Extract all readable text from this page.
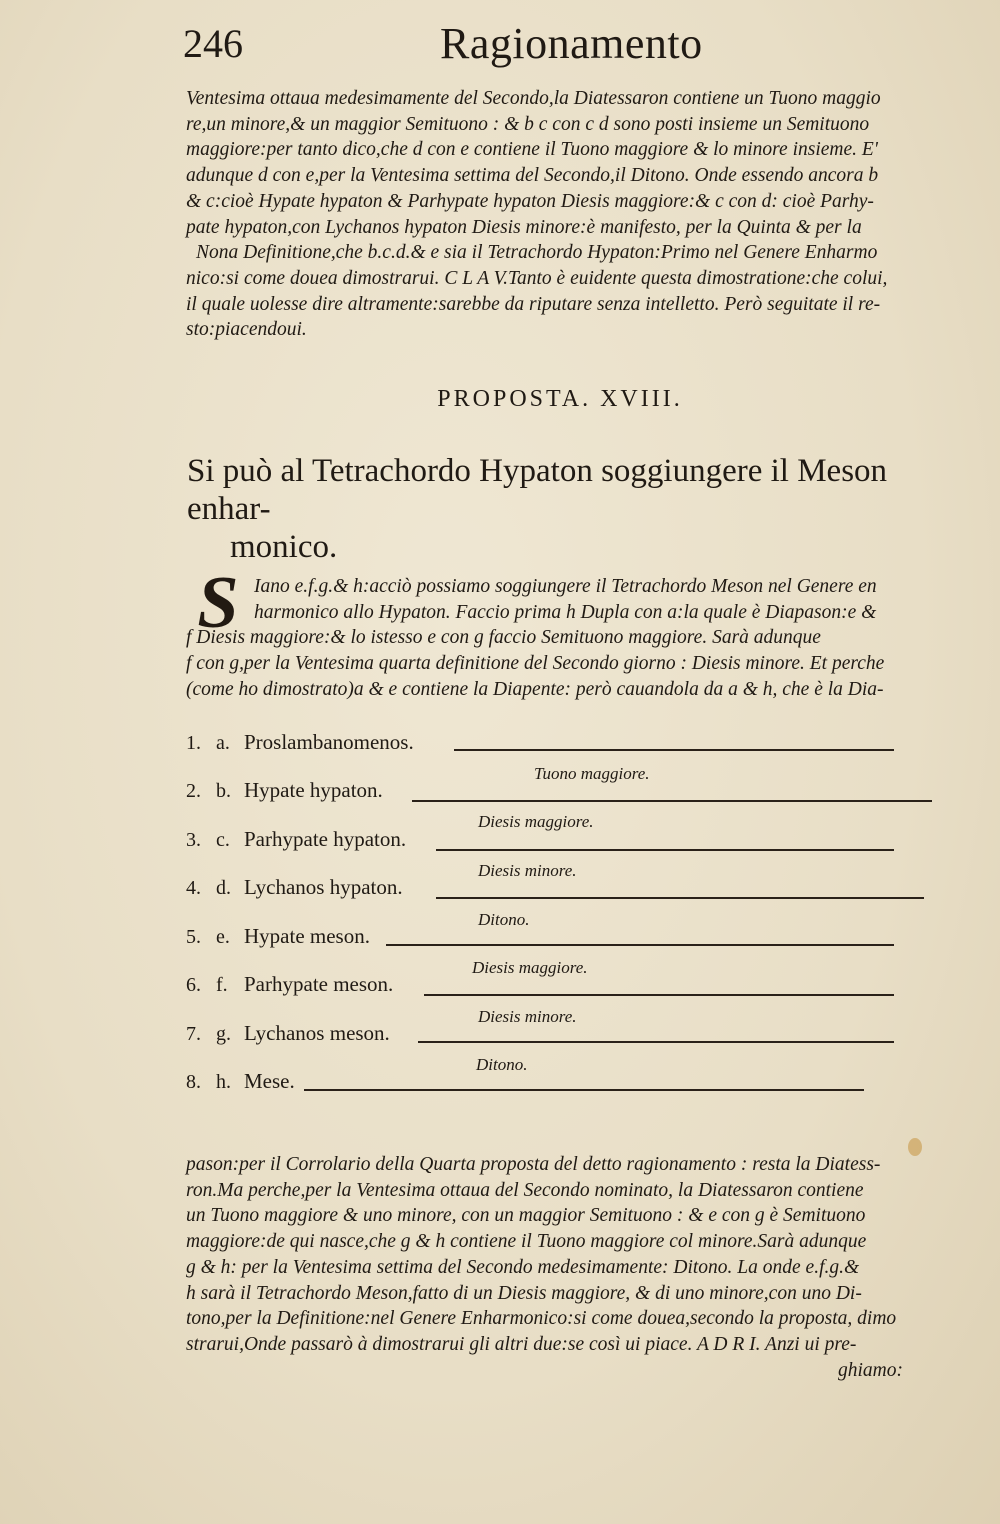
246	Ragionamento

Ventesima ottaua medesimamente del Secondo,la Diatessaron contiene un Tuono maggio

re,un minore,& un maggior Semituono : & b c con c d sono posti insieme un Semituono

maggiore:per tanto dico,che d con e contiene il Tuono maggiore & lo minore insieme. E'

adunque d con e,per la Ventesima settima del Secondo,il Ditono. Onde essendo ancora b

& c:cioè Hypate hypaton & Parhypate hypaton Diesis maggiore:& c con d: cioè Parhy-

pate hypaton,con Lychanos hypaton Diesis minore:è manifesto, per la Quinta & per la

Nona Definitione,che b.c.d.& e sia il Tetrachordo Hypaton:Primo nel Genere Enharmo

nico:si come douea dimostrarui. C L A V.Tanto è euidente questa dimostratione:che colui,

il quale uolesse dire altramente:sarebbe da riputare senza intelletto. Però seguitate il re-

sto:piacendoui.

PROPOSTA. XVIII.
Si può al Tetrachordo Hypaton soggiungere il Meson enhar-
monico.
S Iano e.f.g.& h:acciò possiamo soggiungere il Tetrachordo Meson nel Genere en

harmonico allo Hypaton. Faccio prima h Dupla con a:la quale è Diapason:e &

f Diesis maggiore:& lo istesso e con g faccio Semituono maggiore. Sarà adunque

f con g,per la Ventesima quarta definitione del Secondo giorno : Diesis minore. Et perche

(come ho dimostrato)a & e contiene la Diapente: però cauandola da a & h, che è la Dia-

1. a. Proslambanomenos.
2. b. Hypate hypaton.
3. c. Parhypate hypaton.
4. d. Lychanos hypaton.
5. e. Hypate meson.
6. f. Parhypate meson.
7. g. Lychanos meson.
8. h. Mese.
Tuono maggiore.
Diesis maggiore.
Diesis minore.
Ditono.
Diesis maggiore.
Diesis minore.
Ditono.

pason:per il Corrolario della Quarta proposta del detto ragionamento : resta la Diatess-

ron.Ma perche,per la Ventesima ottaua del Secondo nominato, la Diatessaron contiene

un Tuono maggiore & uno minore, con un maggior Semituono : & e con g è Semituono

maggiore:de qui nasce,che g & h contiene il Tuono maggiore col minore.Sarà adunque

g & h: per la Ventesima settima del Secondo medesimamente: Ditono. La onde e.f.g.&

h sarà il Tetrachordo Meson,fatto di un Diesis maggiore, & di uno minore,con uno Di-

tono,per la Definitione:nel Genere Enharmonico:si come douea,secondo la proposta, dimo

strarui,Onde passarò à dimostrarui gli altri due:se così ui piace. A D R I. Anzi ui pre-

ghiamo:
